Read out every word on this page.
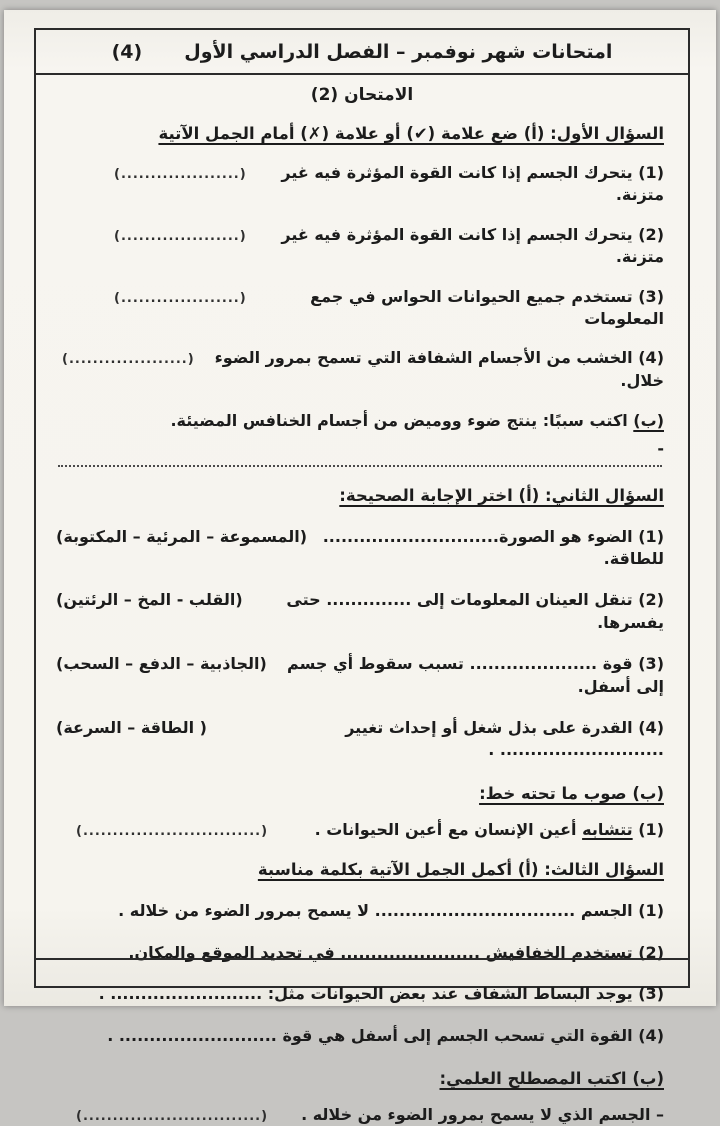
امتحانات شهر نوفمبر – الفصل الدراسي الأول
(4)
الامتحان (2)
السؤال الأول: (أ) ضع علامة (✔) أو علامة (✗) أمام الجمل الآتية
(1) يتحرك الجسم إذا كانت القوة المؤثرة فيه غير متزنة.
(....................)
(2) يتحرك الجسم إذا كانت القوة المؤثرة فيه غير متزنة.
(....................)
(3) تستخدم جميع الحيوانات الحواس في جمع المعلومات
(....................)
(4) الخشب من الأجسام الشفافة التي تسمح بمرور الضوء خلال.
(....................)
(ب) اكتب سببًا: ينتج ضوء ووميض من أجسام الخنافس المضيئة.
-
السؤال الثاني: (أ) اختر الإجابة الصحيحة:
(1) الضوء هو الصورة............................. للطاقة.
(المسموعة – المرئية – المكتوبة)
(2) تنقل العينان المعلومات إلى .............. حتى يفسرها.
(القلب - المخ – الرئتين)
(3) قوة ..................... تسبب سقوط أي جسم إلى أسفل.
(الجاذبية – الدفع – السحب)
(4) القدرة على بذل شغل أو إحداث تغيير ........................... .
( الطاقة – السرعة)
(ب) صوب ما تحته خط:
(1) تتشابه أعين الإنسان مع أعين الحيوانات .
(..............................)
السؤال الثالث: (أ) أكمل الجمل الآتية بكلمة مناسبة
(1) الجسم ................................. لا يسمح بمرور الضوء من خلاله .
(2) تستخدم الخفافيش ....................... في تحديد الموقع والمكان.
(3) يوجد البساط الشفاف عند بعض الحيوانات مثل: ......................... .
(4) القوة التي تسحب الجسم إلى أسفل هي قوة .......................... .
(ب) اكتب المصطلح العلمي:
– الجسم الذي لا يسمح بمرور الضوء من خلاله .
(..............................)
